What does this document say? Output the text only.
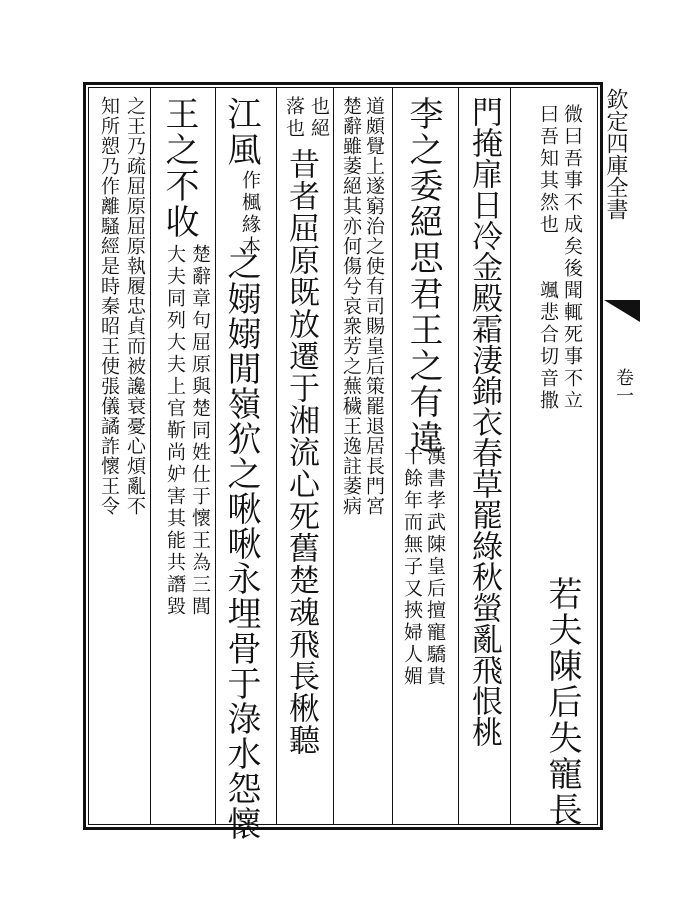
欽定四庫全書
卷一
微曰吾事不成矣後聞輒死事不立
曰吾知其然也　　颯悲合切音撒
若夫陳后失寵長
門掩扉日冷金殿霜淒錦衣春草罷綠秋螢亂飛恨桃
李之委絕思君王之有違
漢書孝武陳皇后擅寵驕貴
十餘年而無子又挾婦人媚
道頗覺上遂窮治之使有司賜皇后策罷退居長門宮
楚辭雖萎絕其亦何傷兮哀衆芳之蕪穢王逸註萎病
也絕
昔者屈原既放遷于湘流心死舊楚魂飛長楸聽
落也
江風
作楓緣本
之嫋嫋閒嶺狖之啾啾永埋骨于淥水怨懷
王之不收
楚辭章句屈原與楚同姓仕于懷王為三閭
大夫同列大夫上官靳尚妒害其能共譖毀
之王乃疏屈原屈原執履忠貞而被讒衰憂心煩亂不
知所愬乃作離騷經是時秦昭王使張儀譎詐懷王令
